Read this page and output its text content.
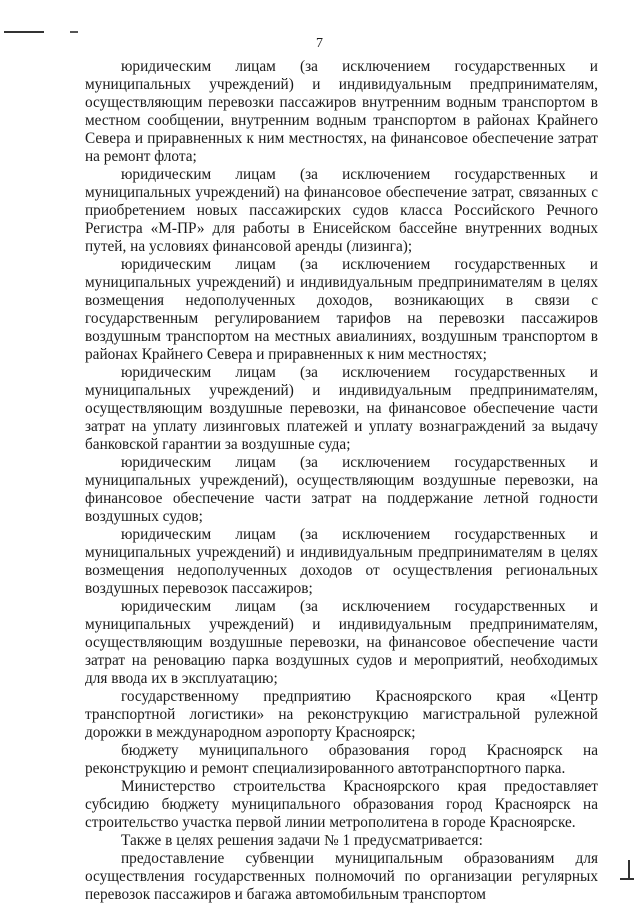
7

юридическим лицам (за исключением государственных и муниципальных учреждений) и индивидуальным предпринимателям, осуществляющим перевозки пассажиров внутренним водным транспортом в местном сообщении, внутренним водным транспортом в районах Крайнего Севера и приравненных к ним местностях, на финансовое обеспечение затрат на ремонт флота;

юридическим лицам (за исключением государственных и муниципальных учреждений) на финансовое обеспечение затрат, связанных с приобретением новых пассажирских судов класса Российского Речного Регистра «М-ПР» для работы в Енисейском бассейне внутренних водных путей, на условиях финансовой аренды (лизинга);

юридическим лицам (за исключением государственных и муниципальных учреждений) и индивидуальным предпринимателям в целях возмещения недополученных доходов, возникающих в связи с государственным регулированием тарифов на перевозки пассажиров воздушным транспортом на местных авиалиниях, воздушным транспортом в районах Крайнего Севера и приравненных к ним местностях;

юридическим лицам (за исключением государственных и муниципальных учреждений) и индивидуальным предпринимателям, осуществляющим воздушные перевозки, на финансовое обеспечение части затрат на уплату лизинговых платежей и уплату вознаграждений за выдачу банковской гарантии за воздушные суда;

юридическим лицам (за исключением государственных и муниципальных учреждений), осуществляющим воздушные перевозки, на финансовое обеспечение части затрат на поддержание летной годности воздушных судов;

юридическим лицам (за исключением государственных и муниципальных учреждений) и индивидуальным предпринимателям в целях возмещения недополученных доходов от осуществления региональных воздушных перевозок пассажиров;

юридическим лицам (за исключением государственных и муниципальных учреждений) и индивидуальным предпринимателям, осуществляющим воздушные перевозки, на финансовое обеспечение части затрат на реновацию парка воздушных судов и мероприятий, необходимых для ввода их в эксплуатацию;

государственному предприятию Красноярского края «Центр транспортной логистики» на реконструкцию магистральной рулежной дорожки в международном аэропорту Красноярск;

бюджету муниципального образования город Красноярск на реконструкцию и ремонт специализированного автотранспортного парка.

Министерство строительства Красноярского края предоставляет субсидию бюджету муниципального образования город Красноярск на строительство участка первой линии метрополитена в городе Красноярске.

Также в целях решения задачи № 1 предусматривается:

предоставление субвенции муниципальным образованиям для осуществления государственных полномочий по организации регулярных перевозок пассажиров и багажа автомобильным транспортом
